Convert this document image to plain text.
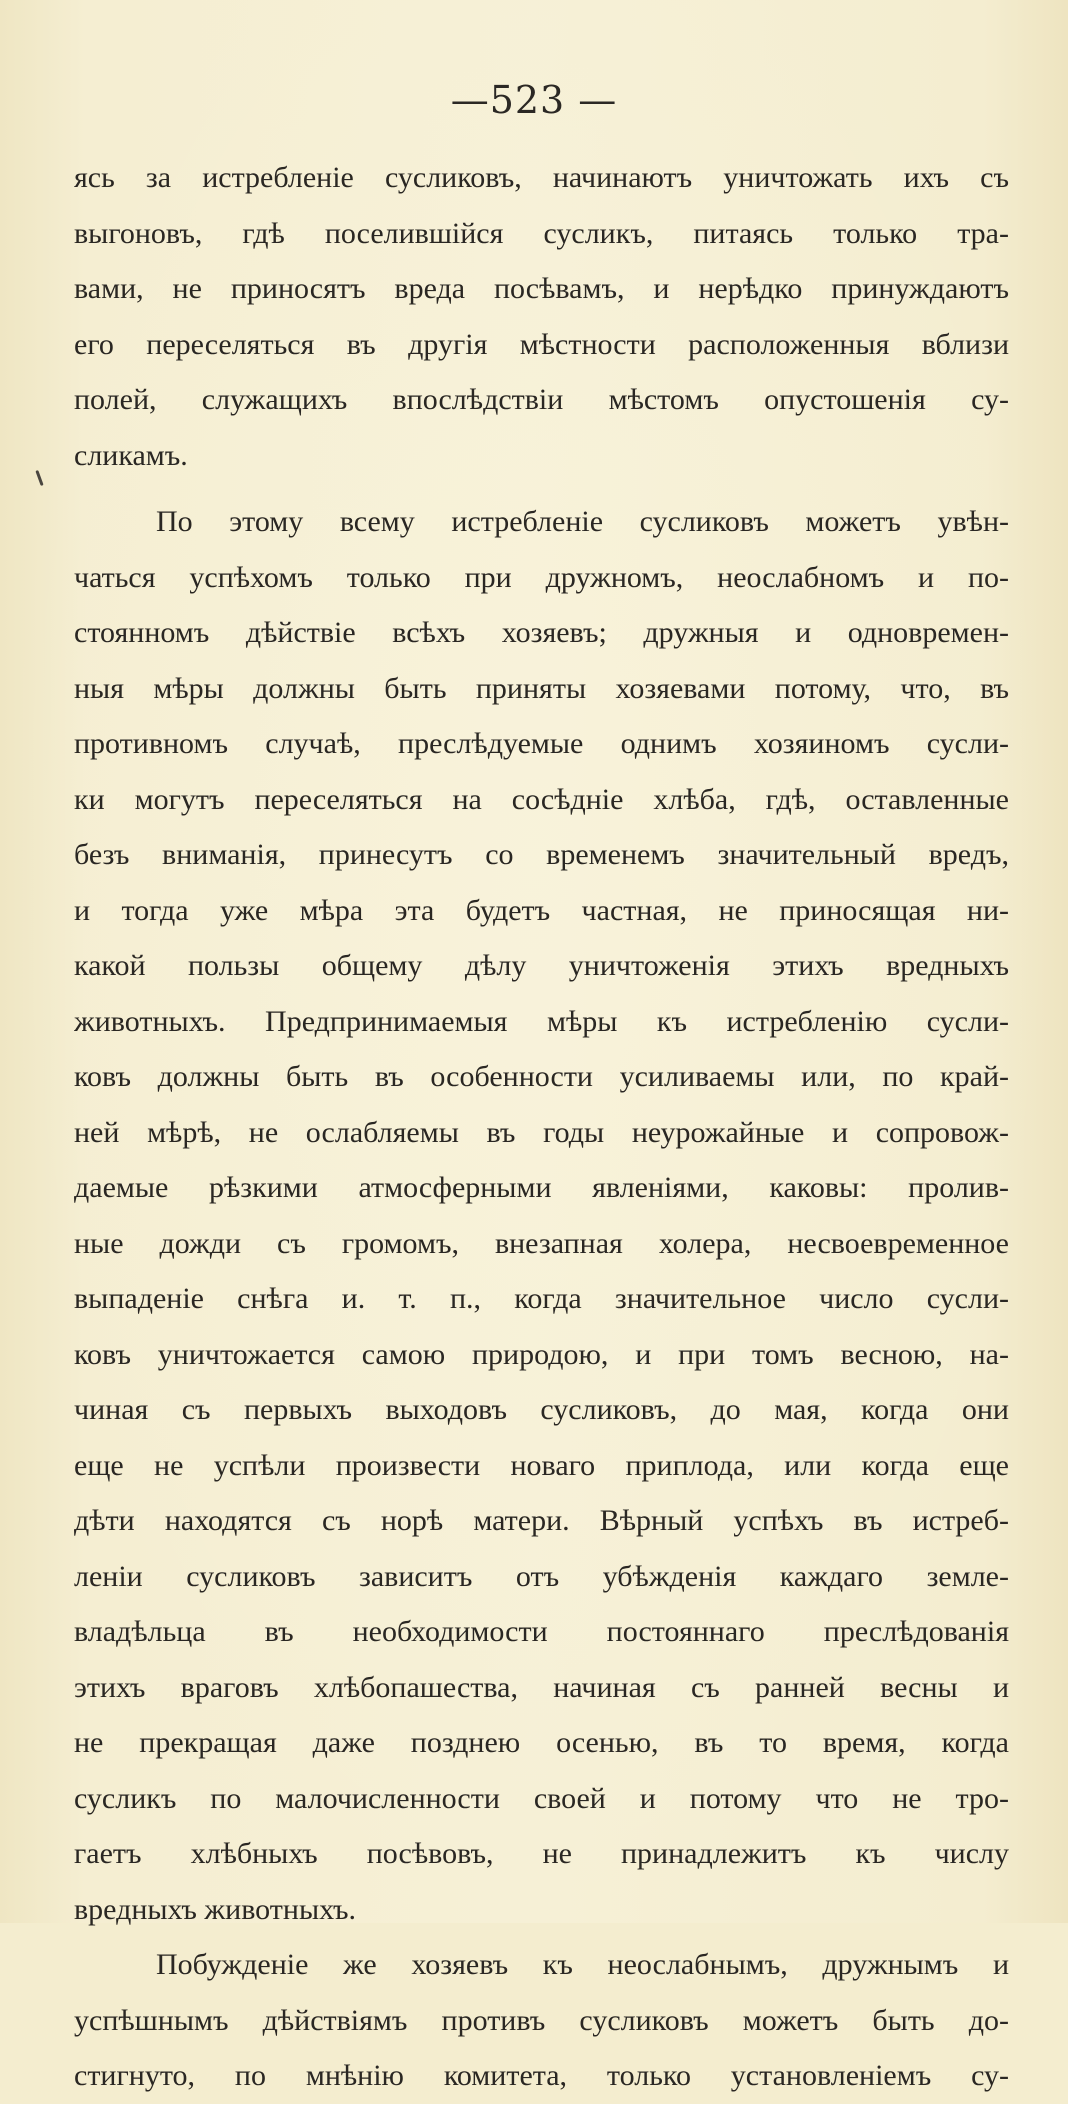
—523 —
ясь за истребленіе сусликовъ, начинаютъ уничтожать ихъ съ
выгоновъ, гдѣ поселившійся сусликъ, питаясь только тра-
вами, не приносятъ вреда посѣвамъ, и нерѣдко принуждаютъ
его переселяться въ другія мѣстности расположенныя вблизи
полей, служащихъ впослѣдствіи мѣстомъ опустошенія су-
сликамъ.
По этому всему истребленіе сусликовъ можетъ увѣн-
чаться успѣхомъ только при дружномъ, неослабномъ и по-
стоянномъ дѣйствіе всѣхъ хозяевъ; дружныя и одновремен-
ныя мѣры должны быть приняты хозяевами потому, что, въ
противномъ случаѣ, преслѣдуемые однимъ хозяиномъ сусли-
ки могутъ переселяться на сосѣдніе хлѣба, гдѣ, оставленные
безъ вниманія, принесутъ со временемъ значительный вредъ,
и тогда уже мѣра эта будетъ частная, не приносящая ни-
какой пользы общему дѣлу уничтоженія этихъ вредныхъ
животныхъ. Предпринимаемыя мѣры къ истребленію сусли-
ковъ должны быть въ особенности усиливаемы или, по край-
ней мѣрѣ, не ослабляемы въ годы неурожайные и сопровож-
даемые рѣзкими атмосферными явленіями, каковы: пролив-
ные дожди съ громомъ, внезапная холера, несвоевременное
выпаденіе снѣга и. т. п., когда значительное число сусли-
ковъ уничтожается самою природою, и при томъ весною, на-
чиная съ первыхъ выходовъ сусликовъ, до мая, когда они
еще не успѣли произвести новаго приплода, или когда еще
дѣти находятся съ норѣ матери. Вѣрный успѣхъ въ истреб-
леніи сусликовъ зависитъ отъ убѣжденія каждаго земле-
владѣльца въ необходимости постояннаго преслѣдованія
этихъ враговъ хлѣбопашества, начиная съ ранней весны и
не прекращая даже позднею осенью, въ то время, когда
сусликъ по малочисленности своей и потому что не тро-
гаетъ хлѣбныхъ посѣвовъ, не принадлежитъ къ числу
вредныхъ животныхъ.
Побужденіе же хозяевъ къ неослабнымъ, дружнымъ и
успѣшнымъ дѣйствіямъ противъ сусликовъ можетъ быть до-
стигнуто, по мнѣнію комитета, только установленіемъ су-
